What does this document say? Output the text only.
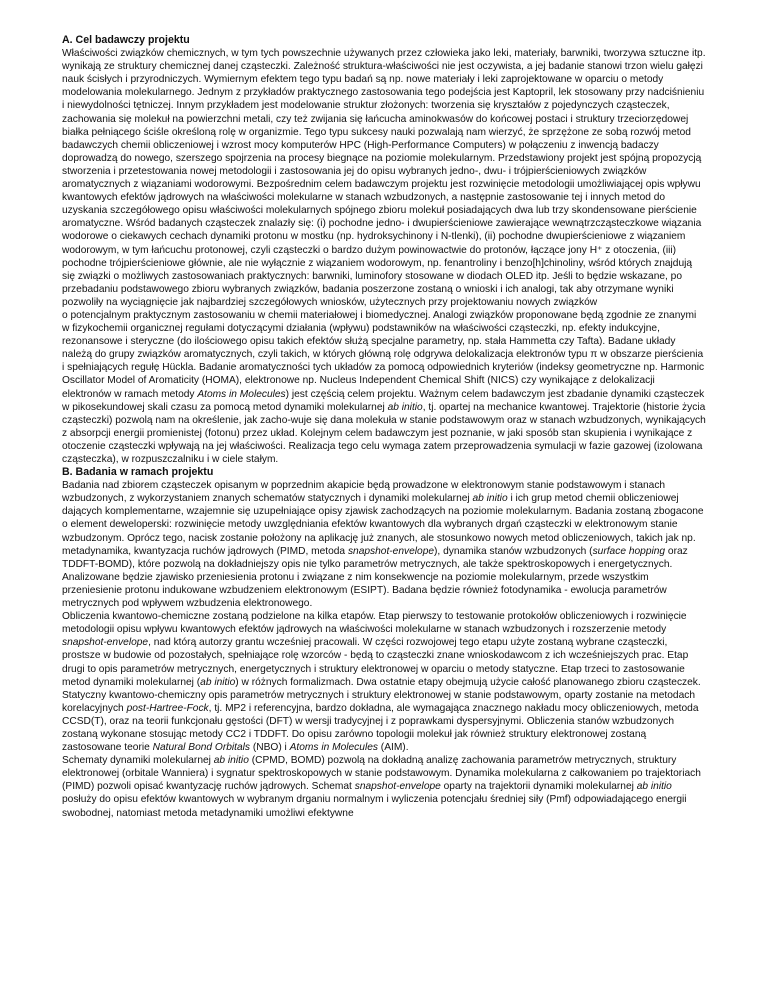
A. Cel badawczy projektu

Właściwości związków chemicznych, w tym tych powszechnie używanych przez człowieka jako leki, materiały, barwniki, tworzywa sztuczne itp. wynikają ze struktury chemicznej danej cząsteczki. Zależność struktura-właściwości nie jest oczywista, a jej badanie stanowi trzon wielu gałęzi nauk ścisłych i przyrodniczych. Wymiernym efektem tego typu badań są np. nowe materiały i leki zaprojektowane w oparciu o metody modelowania molekularnego. Jednym z przykładów praktycznego zastosowania tego podejścia jest Kaptopril, lek stosowany przy nadciśnieniu i niewydolności tętniczej. Innym przykładem jest modelowanie struktur złożonych: tworzenia się kryształów z pojedynczych cząsteczek, zachowania się molekuł na powierzchni metali, czy też zwijania się łańcucha aminokwasów do końcowej postaci i struktury trzeciorzędowej białka pełniącego ściśle określoną rolę w organizmie. Tego typu sukcesy nauki pozwalają nam wierzyć, że sprzężone ze sobą rozwój metod badawczych chemii obliczeniowej i wzrost mocy komputerów HPC (High-Performance Computers) w połączeniu z inwencją badaczy doprowadzą do nowego, szerszego spojrzenia na procesy biegnące na poziomie molekularnym. Przedstawiony projekt jest spójną propozycją stworzenia i przetestowania nowej metodologii i zastosowania jej do opisu wybranych jedno-, dwu- i trójpierścieniowych związków aromatycznych z wiązaniami wodorowymi. Bezpośrednim celem badawczym projektu jest rozwinięcie metodologii umożliwiającej opis wpływu kwantowych efektów jądrowych na właściwości molekularne w stanach wzbudzonych, a następnie zastosowanie tej i innych metod do uzyskania szczegółowego opisu właściwości molekularnych spójnego zbioru molekuł posiadających dwa lub trzy skondensowane pierścienie aromatyczne. Wśród badanych cząsteczek znalazły się: (i) pochodne jedno- i dwupierścieniowe zawierające wewnątrzcząsteczkowe wiązania wodorowe o ciekawych cechach dynamiki protonu w mostku (np. hydroksychinony i N-tlenki), (ii) pochodne dwupierścieniowe z wiązaniem wodorowym, w tym łańcuchu protonowej, czyli cząsteczki o bardzo dużym powinowactwie do protonów, łączące jony H⁺ z otoczenia, (iii) pochodne trójpierścieniowe głównie, ale nie wyłącznie z wiązaniem wodorowym, np. fenantroliny i benzo[h]chinoliny, wśród których znajdują się związki o możliwych zastosowaniach praktycznych: barwniki, luminofory stosowane w diodach OLED itp. Jeśli to będzie wskazane, po przebadaniu podstawowego zbioru wybranych związków, badania poszerzone zostaną o wnioski i ich analogi, tak aby otrzymane wyniki pozwoliły na wyciągnięcie jak najbardziej szczegółowych wniosków, użytecznych przy projektowaniu nowych związków

o potencjalnym praktycznym zastosowaniu w chemii materiałowej i biomedycznej. Analogi związków proponowane będą zgodnie ze znanymi w fizykochemii organicznej regułami dotyczącymi działania (wpływu) podstawników na właściwości cząsteczki, np. efekty indukcyjne, rezonansowe i steryczne (do ilościowego opisu takich efektów służą specjalne parametry, np. stała Hammetta czy Tafta). Badane układy należą do grupy związków aromatycznych, czyli takich, w których główną rolę odgrywa delokalizacja elektronów typu π w obszarze pierścienia i spełniających regułę Hückla. Badanie aromatyczności tych układów za pomocą odpowiednich kryteriów (indeksy geometryczne np. Harmonic Oscillator Model of Aromaticity (HOMA), elektronowe np. Nucleus Independent Chemical Shift (NICS) czy wynikające z delokalizacji elektronów w ramach metody Atoms in Molecules) jest częścią celem projektu. Ważnym celem badawczym jest zbadanie dynamiki cząsteczek w pikosekundowej skali czasu za pomocą metod dynamiki molekularnej ab initio, tj. opartej na mechanice kwantowej. Trajektorie (historie życia cząsteczki) pozwolą nam na określenie, jak zacho-wuje się dana molekuła w stanie podstawowym oraz w stanach wzbudzonych, wynikających z absorpcji energii promienistej (fotonu) przez układ. Kolejnym celem badawczym jest poznanie, w jaki sposób stan skupienia i wynikające z otoczenie cząsteczki wpływają na jej właściwości. Realizacja tego celu wymaga zatem przeprowadzenia symulacji w fazie gazowej (izolowana cząsteczka), w rozpuszczalniku i w ciele stałym.

B. Badania w ramach projektu

Badania nad zbiorem cząsteczek opisanym w poprzednim akapicie będą prowadzone w elektronowym stanie podstawowym i stanach wzbudzonych, z wykorzystaniem znanych schematów statycznych i dynamiki molekularnej ab initio i ich grup metod chemii obliczeniowej dających komplementarne, wzajemnie się uzupełniające opisy zjawisk zachodzących na poziomie molekularnym. Badania zostaną zbogacone o element deweloperski: rozwinięcie metody uwzględniania efektów kwantowych dla wybranych drgań cząsteczki w elektronowym stanie wzbudzonym. Oprócz tego, nacisk zostanie położony na aplikację już znanych, ale stosunkowo nowych metod obliczeniowych, takich jak np. metadynamika, kwantyzacja ruchów jądrowych (PIMD, metoda snapshot-envelope), dynamika stanów wzbudzonych (surface hopping oraz TDDFT-BOMD), które pozwolą na dokładniejszy opis nie tylko parametrów metrycznych, ale także spektroskopowych i energetycznych. Analizowane będzie zjawisko przeniesienia protonu i związane z nim konsekwencje na poziomie molekularnym, przede wszystkim przeniesienie protonu indukowane wzbudzeniem elektronowym (ESIPT). Badana będzie również fotodynamika - ewolucja parametrów metrycznych pod wpływem wzbudzenia elektronowego.

Obliczenia kwantowo-chemiczne zostaną podzielone na kilka etapów. Etap pierwszy to testowanie protokołów obliczeniowych i rozwinięcie metodologii opisu wpływu kwantowych efektów jądrowych na właściwości molekularne w stanach wzbudzonych i rozszerzenie metody snapshot-envelope, nad którą autorzy grantu wcześniej pracowali. W części rozwojowej tego etapu użyte zostaną wybrane cząsteczki, prostsze w budowie od pozostałych, spełniające rolę wzorców - będą to cząsteczki znane wnioskodawcom z ich wcześniejszych prac. Etap drugi to opis parametrów metrycznych, energetycznych i struktury elektronowej w oparciu o metody statyczne. Etap trzeci to zastosowanie metod dynamiki molekularnej (ab initio) w różnych formalizmach. Dwa ostatnie etapy obejmują użycie całość planowanego zbioru cząsteczek.

Statyczny kwantowo-chemiczny opis parametrów metrycznych i struktury elektronowej w stanie podstawowym, oparty zostanie na metodach korelacyjnych post-Hartree-Fock, tj. MP2 i referencyjna, bardzo dokładna, ale wymagająca znacznego nakładu mocy obliczeniowych, metoda CCSD(T), oraz na teorii funkcjonału gęstości (DFT) w wersji tradycyjnej i z poprawkami dyspersyjnymi. Obliczenia stanów wzbudzonych zostaną wykonane stosując metody CC2 i TDDFT. Do opisu zarówno topologii molekuł jak również struktury elektronowej zostaną zastosowane teorie Natural Bond Orbitals (NBO) i Atoms in Molecules (AIM).

Schematy dynamiki molekularnej ab initio (CPMD, BOMD) pozwolą na dokładną analizę zachowania parametrów metrycznych, struktury elektronowej (orbitale Wanniera) i sygnatur spektroskopowych w stanie podstawowym. Dynamika molekularna z całkowaniem po trajektoriach (PIMD) pozwoli opisać kwantyzację ruchów jądrowych. Schemat snapshot-envelope oparty na trajektorii dynamiki molekularnej ab initio posłuży do opisu efektów kwantowych w wybranym drganiu normalnym i wyliczenia potencjału średniej siły (Pmf) odpowiadającego energii swobodnej, natomiast metoda metadynamiki umożliwi efektywne
